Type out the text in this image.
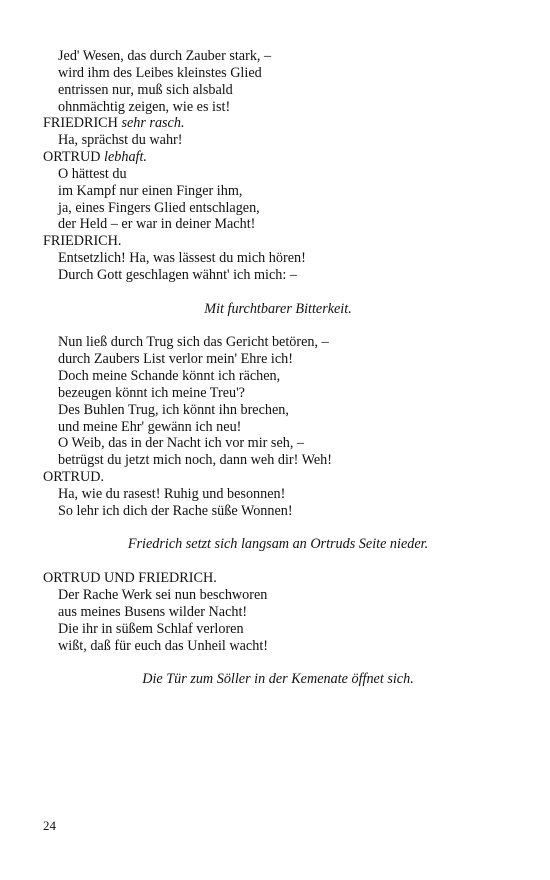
Jed' Wesen, das durch Zauber stark, –
wird ihm des Leibes kleinstes Glied
entrissen nur, muß sich alsbald
ohnmächtig zeigen, wie es ist!
FRIEDRICH sehr rasch.
Ha, sprächst du wahr!
ORTRUD lebhaft.
O hättest du
im Kampf nur einen Finger ihm,
ja, eines Fingers Glied entschlagen,
der Held – er war in deiner Macht!
FRIEDRICH.
Entsetzlich! Ha, was lässest du mich hören!
Durch Gott geschlagen wähnt' ich mich: –
Mit furchtbarer Bitterkeit.
Nun ließ durch Trug sich das Gericht betören, –
durch Zaubers List verlor mein' Ehre ich!
Doch meine Schande könnt ich rächen,
bezeugen könnt ich meine Treu'?
Des Buhlen Trug, ich könnt ihn brechen,
und meine Ehr' gewänn ich neu!
O Weib, das in der Nacht ich vor mir seh, –
betrügst du jetzt mich noch, dann weh dir! Weh!
ORTRUD.
Ha, wie du rasest! Ruhig und besonnen!
So lehr ich dich der Rache süße Wonnen!
Friedrich setzt sich langsam an Ortruds Seite nieder.
ORTRUD UND FRIEDRICH.
Der Rache Werk sei nun beschworen
aus meines Busens wilder Nacht!
Die ihr in süßem Schlaf verloren
wißt, daß für euch das Unheil wacht!
Die Tür zum Söller in der Kemenate öffnet sich.
24
